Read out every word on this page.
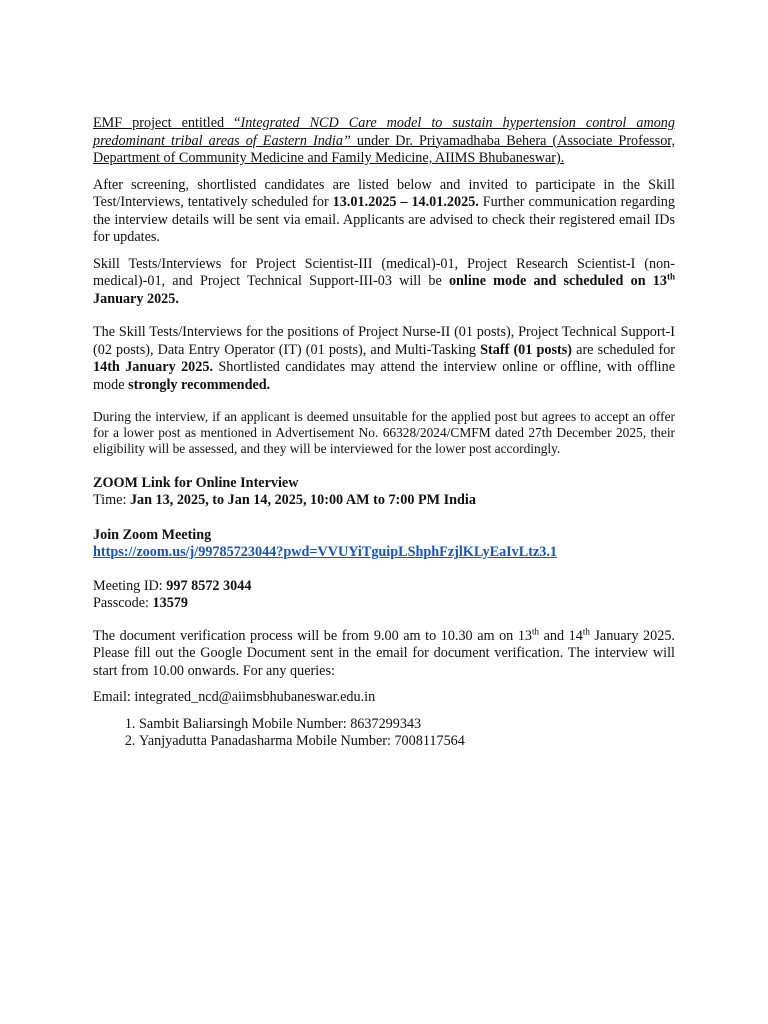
EMF project entitled “Integrated NCD Care model to sustain hypertension control among predominant tribal areas of Eastern India” under Dr. Priyamadhaba Behera (Associate Professor, Department of Community Medicine and Family Medicine, AIIMS Bhubaneswar).

After screening, shortlisted candidates are listed below and invited to participate in the Skill Test/Interviews, tentatively scheduled for 13.01.2025 – 14.01.2025. Further communication regarding the interview details will be sent via email. Applicants are advised to check their registered email IDs for updates.

Skill Tests/Interviews for Project Scientist-III (medical)-01, Project Research Scientist-I (non-medical)-01, and Project Technical Support-III-03 will be online mode and scheduled on 13th January 2025.

The Skill Tests/Interviews for the positions of Project Nurse-II (01 posts), Project Technical Support-I (02 posts), Data Entry Operator (IT) (01 posts), and Multi-Tasking Staff (01 posts) are scheduled for 14th January 2025. Shortlisted candidates may attend the interview online or offline, with offline mode strongly recommended.

During the interview, if an applicant is deemed unsuitable for the applied post but agrees to accept an offer for a lower post as mentioned in Advertisement No. 66328/2024/CMFM dated 27th December 2025, their eligibility will be assessed, and they will be interviewed for the lower post accordingly.

ZOOM Link for Online Interview
Time: Jan 13, 2025, to Jan 14, 2025, 10:00 AM to 7:00 PM India
Join Zoom Meeting
https://zoom.us/j/99785723044?pwd=VVUYiTguipLShphFzjlKLyEaIvLtz3.1
Meeting ID: 997 8572 3044
Passcode: 13579

The document verification process will be from 9.00 am to 10.30 am on 13th and 14th January 2025. Please fill out the Google Document sent in the email for document verification. The interview will start from 10.00 onwards. For any queries:

Email: integrated_ncd@aiimsbhubaneswar.edu.in

1. Sambit Baliarsingh Mobile Number: 8637299343
2. Yanjyadutta Panadasharma Mobile Number: 7008117564
